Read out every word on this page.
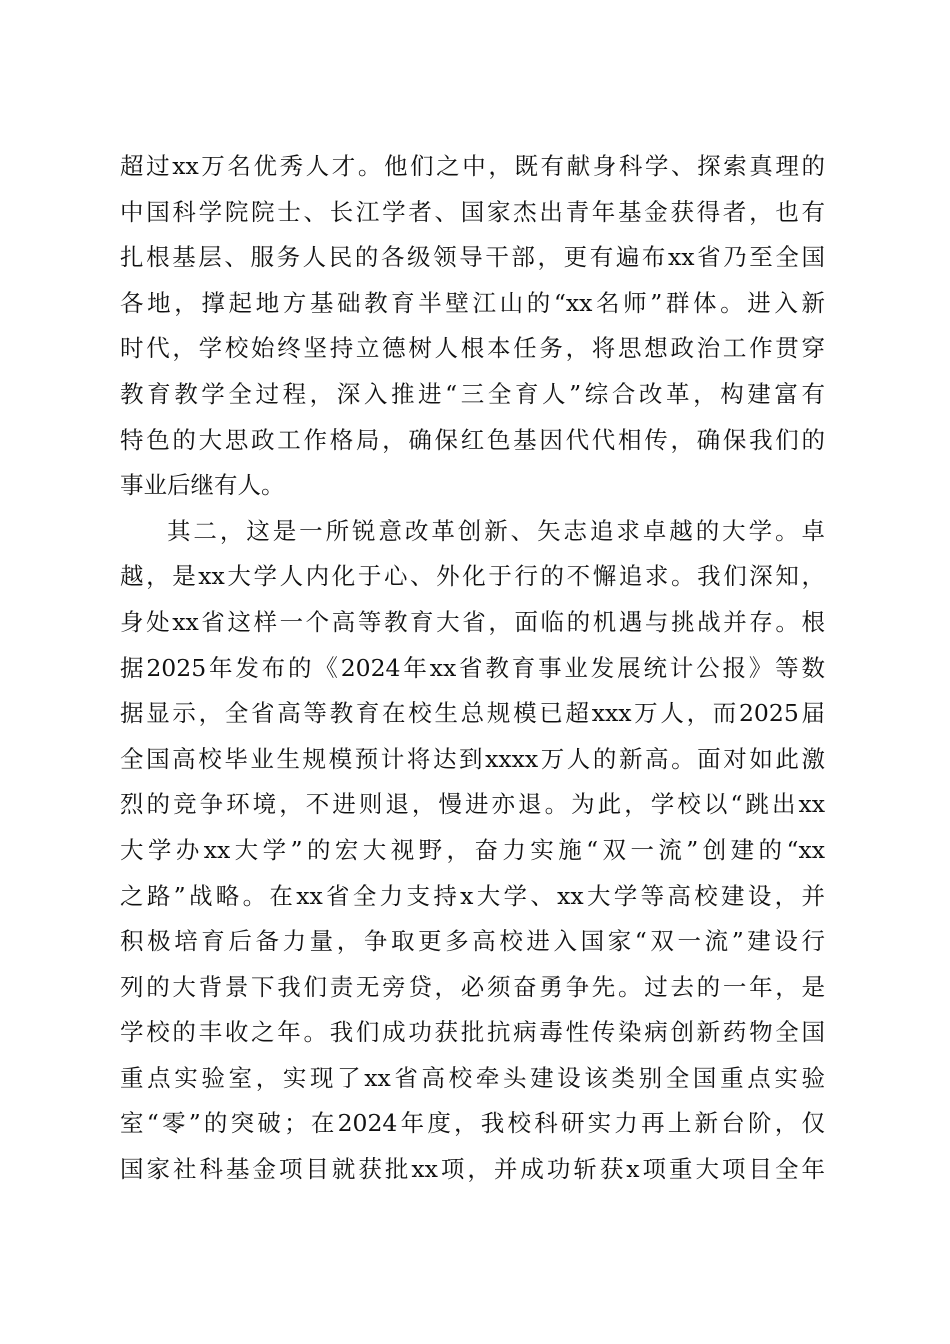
超过xx万名优秀人才。他们之中，既有献身科学、探索真理的
中国科学院院士、长江学者、国家杰出青年基金获得者，也有
扎根基层、服务人民的各级领导干部，更有遍布xx省乃至全国
各地，撑起地方基础教育半壁江山的“xx名师”群体。进入新
时代，学校始终坚持立德树人根本任务，将思想政治工作贯穿
教育教学全过程，深入推进“三全育人”综合改革，构建富有
特色的大思政工作格局，确保红色基因代代相传，确保我们的
事业后继有人。
其二，这是一所锐意改革创新、矢志追求卓越的大学。卓
越，是xx大学人内化于心、外化于行的不懈追求。我们深知，
身处xx省这样一个高等教育大省，面临的机遇与挑战并存。根
据2025年发布的《2024年xx省教育事业发展统计公报》等数
据显示，全省高等教育在校生总规模已超xxx万人，而2025届
全国高校毕业生规模预计将达到xxxx万人的新高。面对如此激
烈的竞争环境，不进则退，慢进亦退。为此，学校以“跳出xx
大学办xx大学”的宏大视野，奋力实施“双一流”创建的“xx
之路”战略。在xx省全力支持x大学、xx大学等高校建设，并
积极培育后备力量，争取更多高校进入国家“双一流”建设行
列的大背景下我们责无旁贷，必须奋勇争先。过去的一年，是
学校的丰收之年。我们成功获批抗病毒性传染病创新药物全国
重点实验室，实现了xx省高校牵头建设该类别全国重点实验
室“零”的突破；在2024年度，我校科研实力再上新台阶，仅
国家社科基金项目就获批xx项，并成功斩获x项重大项目全年
